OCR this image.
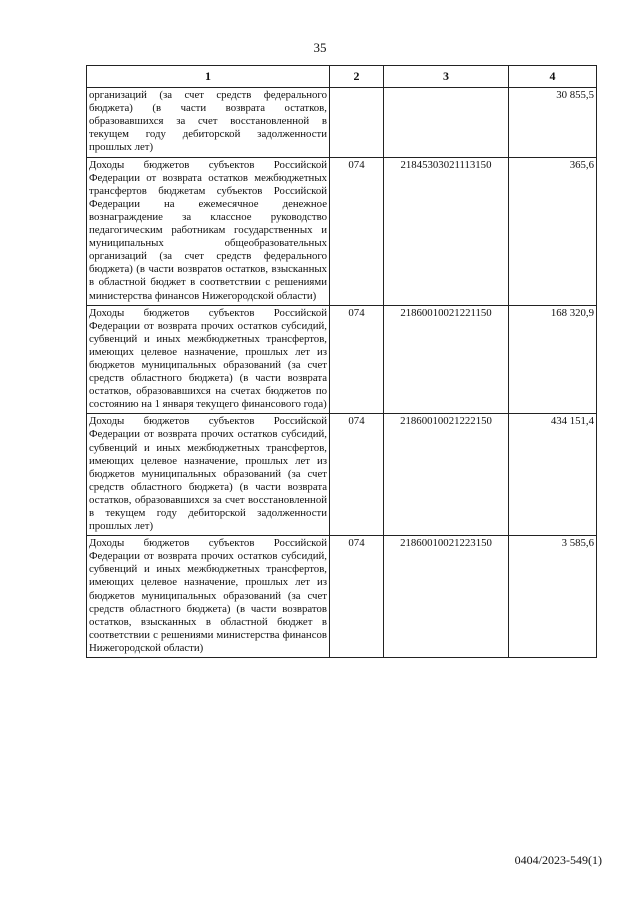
35
1	2	3	4
организаций (за счет средств федерального бюджета) (в части возврата остатков, образовавшихся за счет восстановленной в текущем году дебиторской задолженности прошлых лет)			30 855,5
Доходы бюджетов субъектов Российской Федерации от возврата остатков межбюджетных трансфертов бюджетам субъектов Российской Федерации на ежемесячное денежное вознаграждение за классное руководство педагогическим работникам государственных и муниципальных общеобразовательных организаций (за счет средств федерального бюджета) (в части возвратов остатков, взысканных в областной бюджет в соответствии с решениями министерства финансов Нижегородской области)	074	21845303021113150	365,6
Доходы бюджетов субъектов Российской Федерации от возврата прочих остатков субсидий, субвенций и иных межбюджетных трансфертов, имеющих целевое назначение, прошлых лет из бюджетов муниципальных образований (за счет средств областного бюджета) (в части возврата остатков, образовавшихся на счетах бюджетов по состоянию на 1 января текущего финансового года)	074	21860010021221150	168 320,9
Доходы бюджетов субъектов Российской Федерации от возврата прочих остатков субсидий, субвенций и иных межбюджетных трансфертов, имеющих целевое назначение, прошлых лет из бюджетов муниципальных образований (за счет средств областного бюджета) (в части возврата остатков, образовавшихся за счет восстановленной в текущем году дебиторской задолженности прошлых лет)	074	21860010021222150	434 151,4
Доходы бюджетов субъектов Российской Федерации от возврата прочих остатков субсидий, субвенций и иных межбюджетных трансфертов, имеющих целевое назначение, прошлых лет из бюджетов муниципальных образований (за счет средств областного бюджета) (в части возвратов остатков, взысканных в областной бюджет в соответствии с решениями министерства финансов Нижегородской области)	074	21860010021223150	3 585,6
0404/2023-549(1)
